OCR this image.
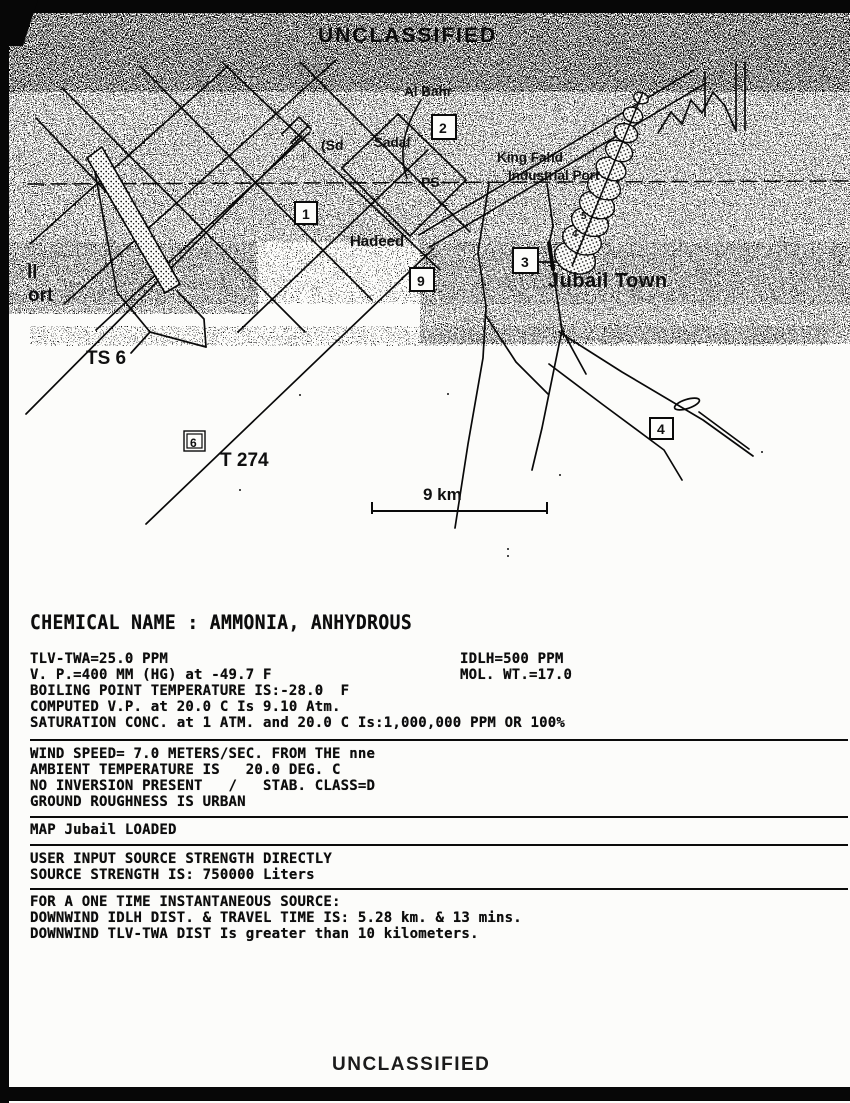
5
4
1
2
3
4
6
9
Al Bahr
(Sd Sadaf
King Fahd
Industrial Port
PS
Hadeed
Jubail Town
ll
ort
TS 6
T 274
9 km
CHEMICAL NAME : AMMONIA, ANHYDROUS
TLV-TWA=25.0 PPM	IDLH=500 PPM
V. P.=400 MM (HG) at -49.7 F	MOL. WT.=17.0
BOILING POINT TEMPERATURE IS:-28.0  F
COMPUTED V.P. at 20.0 C Is 9.10 Atm.
SATURATION CONC. at 1 ATM. and 20.0 C Is:1,000,000 PPM OR 100%
WIND SPEED= 7.0 METERS/SEC. FROM THE nne
AMBIENT TEMPERATURE IS   20.0 DEG. C
NO INVERSION PRESENT   /   STAB. CLASS=D
GROUND ROUGHNESS IS URBAN
MAP Jubail LOADED
USER INPUT SOURCE STRENGTH DIRECTLY
SOURCE STRENGTH IS: 750000 Liters
FOR A ONE TIME INSTANTANEOUS SOURCE:
DOWNWIND IDLH DIST. & TRAVEL TIME IS: 5.28 km. & 13 mins.
DOWNWIND TLV-TWA DIST Is greater than 10 kilometers.
UNCLASSIFIED
